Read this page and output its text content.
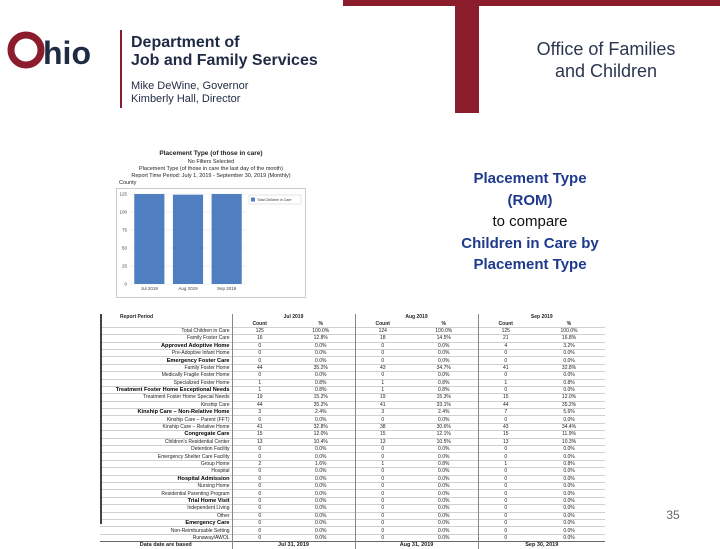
hio	Department of
Job and Family Services
Mike DeWine, Governor
Kimberly Hall, Director
Office of Families
and Children
Placement Type (of those in care)
No Filters Selected
Placement Type (of those in care the last day of the month)
Report Time Period: July 1, 2019 - September 30, 2019 (Monthly)
County
0
25
50
75
100
125
Jul 2019	Aug 2019	Sep 2019
Total Children in Care
Placement Type
(ROM)
to compare
Children in Care by
Placement Type
Report Period	Jul 2019		Aug 2019		Sep 2019	
	Count	%	Count	%	Count	%
Total Children in Care	125	100.0%	124	100.0%	125	100.0%
Family Foster Care	16	12.8%	18	14.5%	21	16.8%
Approved Adoptive Home	0	0.0%	0	0.0%	4	3.2%
Pre-Adoptive Infant Home	0	0.0%	0	0.0%	0	0.0%
Emergency Foster Care	0	0.0%	0	0.0%	0	0.0%
Family Foster Home	44	35.2%	43	34.7%	41	32.8%
Medically Fragile Foster Home	0	0.0%	0	0.0%	0	0.0%
Specialized Foster Home	1	0.8%	1	0.8%	1	0.8%
Treatment Foster Home Exceptional Needs	1	0.8%	1	0.8%	0	0.0%
Treatment Foster Home Special Needs	19	15.2%	19	15.3%	15	12.0%
Kinship Care	44	35.2%	41	33.1%	44	35.2%
Kinship Care – Non-Relative Home	3	2.4%	3	2.4%	7	5.6%
Kinship Care – Parent (FFT)	0	0.0%	0	0.0%	0	0.0%
Kinship Care – Relative Home	41	32.8%	38	30.6%	43	34.4%
Congregate Care	15	12.0%	15	12.1%	15	11.9%
Children's Residential Center	13	10.4%	13	10.5%	13	10.3%
Detention Facility	0	0.0%	0	0.0%	0	0.0%
Emergency Shelter Care Facility	0	0.0%	0	0.0%	0	0.0%
Group Home	2	1.6%	1	0.8%	1	0.8%
Hospital	0	0.0%	0	0.0%	0	0.0%
Hospital Admission	0	0.0%	0	0.0%	0	0.0%
Nursing Home	0	0.0%	0	0.0%	0	0.0%
Residential Parenting Program	0	0.0%	0	0.0%	0	0.0%
Trial Home Visit	0	0.0%	0	0.0%	0	0.0%
Independent Living	0	0.0%	0	0.0%	0	0.0%
Other	0	0.0%	0	0.0%	0	0.0%
Emergency Care	0	0.0%	0	0.0%	0	0.0%
Non-Reimbursable Setting	0	0.0%	0	0.0%	0	0.0%
Runaway/AWOL	0	0.0%	0	0.0%	0	0.0%
Data date are based	Jul 31, 2019		Aug 31, 2019		Sep 30, 2019	
35
